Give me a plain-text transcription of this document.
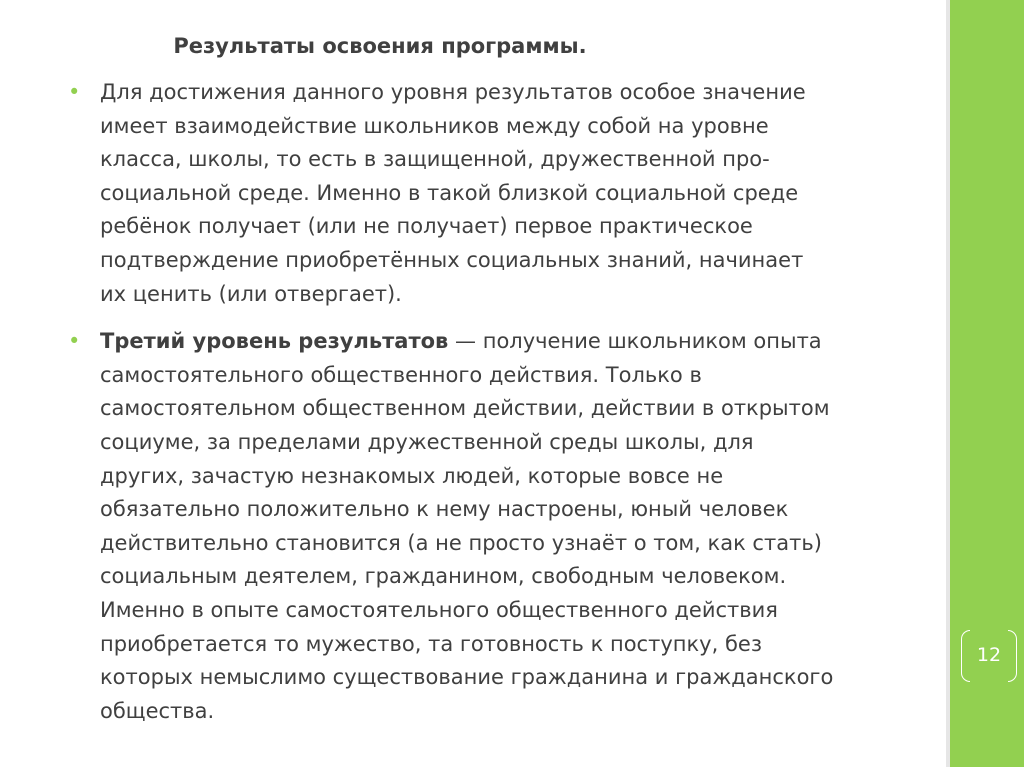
12
Результаты освоения программы.
• Для достижения данного уровня результатов особое значение
имеет взаимодействие школьников между собой на уровне
класса, школы, то есть в защищенной, дружественной про-
социальной среде. Именно в такой близкой социальной среде
ребёнок получает (или не получает) первое практическое
подтверждение приобретённых социальных знаний, начинает
их ценить (или отвергает).
• Третий уровень результатов — получение школьником опыта
самостоятельного общественного действия. Только в
самостоятельном общественном действии, действии в открытом
социуме, за пределами дружественной среды школы, для
других, зачастую незнакомых людей, которые вовсе не
обязательно положительно к нему настроены, юный человек
действительно становится (а не просто узнаёт о том, как стать)
социальным деятелем, гражданином, свободным человеком.
Именно в опыте самостоятельного общественного действия
приобретается то мужество, та готовность к поступку, без
которых немыслимо существование гражданина и гражданского
общества.
